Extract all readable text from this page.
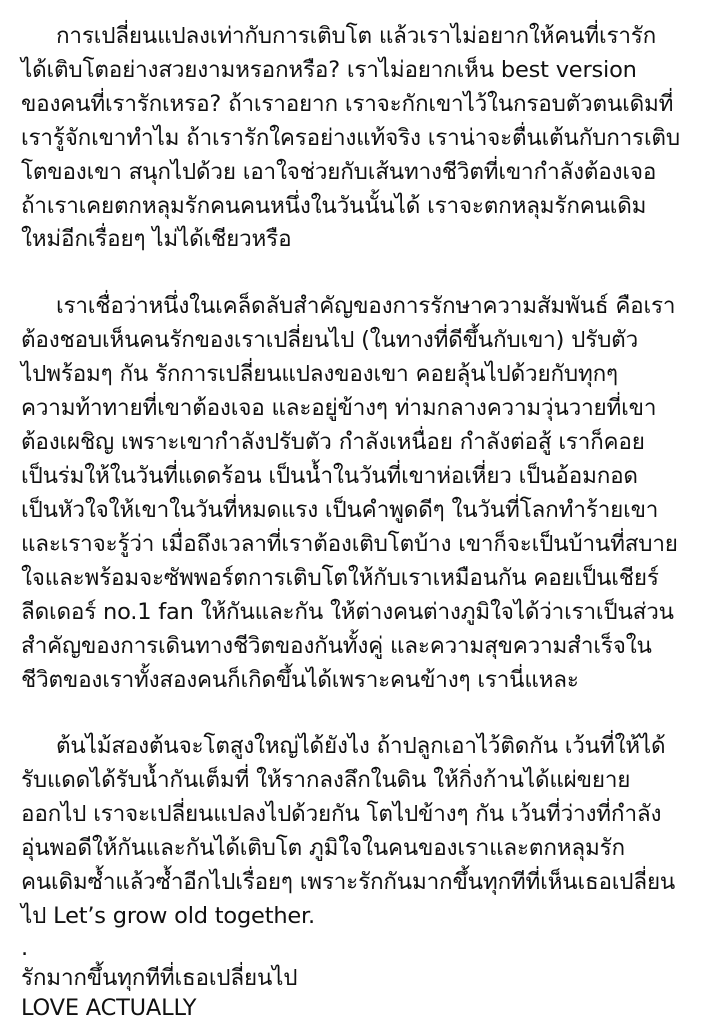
การเปลี่ยนแปลงเท่ากับการเติบโต แล้วเราไม่อยากให้คนที่เรารัก
ได้เติบโตอย่างสวยงามหรอกหรือ? เราไม่อยากเห็น best version
ของคนที่เรารักเหรอ? ถ้าเราอยาก เราจะกักเขาไว้ในกรอบตัวตนเดิมที่
เรารู้จักเขาทำไม ถ้าเรารักใครอย่างแท้จริง เราน่าจะตื่นเต้นกับการเติบ
โตของเขา สนุกไปด้วย เอาใจช่วยกับเส้นทางชีวิตที่เขากำลังต้องเจอ
ถ้าเราเคยตกหลุมรักคนคนหนึ่งในวันนั้นได้ เราจะตกหลุมรักคนเดิม
ใหม่อีกเรื่อยๆ ไม่ได้เชียวหรือ
เราเชื่อว่าหนึ่งในเคล็ดลับสำคัญของการรักษาความสัมพันธ์ คือเรา
ต้องชอบเห็นคนรักของเราเปลี่ยนไป (ในทางที่ดีขึ้นกับเขา) ปรับตัว
ไปพร้อมๆ กัน รักการเปลี่ยนแปลงของเขา คอยลุ้นไปด้วยกับทุกๆ
ความท้าทายที่เขาต้องเจอ และอยู่ข้างๆ ท่ามกลางความวุ่นวายที่เขา
ต้องเผชิญ เพราะเขากำลังปรับตัว กำลังเหนื่อย กำลังต่อสู้ เราก็คอย
เป็นร่มให้ในวันที่แดดร้อน เป็นน้ำในวันที่เขาห่อเหี่ยว เป็นอ้อมกอด
เป็นหัวใจให้เขาในวันที่หมดแรง เป็นคำพูดดีๆ ในวันที่โลกทำร้ายเขา
และเราจะรู้ว่า เมื่อถึงเวลาที่เราต้องเติบโตบ้าง เขาก็จะเป็นบ้านที่สบาย
ใจและพร้อมจะซัพพอร์ตการเติบโตให้กับเราเหมือนกัน คอยเป็นเชียร์
ลีดเดอร์ no.1 fan ให้กันและกัน ให้ต่างคนต่างภูมิใจได้ว่าเราเป็นส่วน
สำคัญของการเดินทางชีวิตของกันทั้งคู่ และความสุขความสำเร็จใน
ชีวิตของเราทั้งสองคนก็เกิดขึ้นได้เพราะคนข้างๆ เรานี่แหละ
ต้นไม้สองต้นจะโตสูงใหญ่ได้ยังไง ถ้าปลูกเอาไว้ติดกัน เว้นที่ให้ได้
รับแดดได้รับน้ำกันเต็มที่ ให้รากลงลึกในดิน ให้กิ่งก้านได้แผ่ขยาย
ออกไป เราจะเปลี่ยนแปลงไปด้วยกัน โตไปข้างๆ กัน เว้นที่ว่างที่กำลัง
อุ่นพอดีให้กันและกันได้เติบโต ภูมิใจในคนของเราและตกหลุมรัก
คนเดิมซ้ำแล้วซ้ำอีกไปเรื่อยๆ เพราะรักกันมากขึ้นทุกทีที่เห็นเธอเปลี่ยน
ไป Let’s grow old together.
.
รักมากขึ้นทุกทีที่เธอเปลี่ยนไป
LOVE ACTUALLY
